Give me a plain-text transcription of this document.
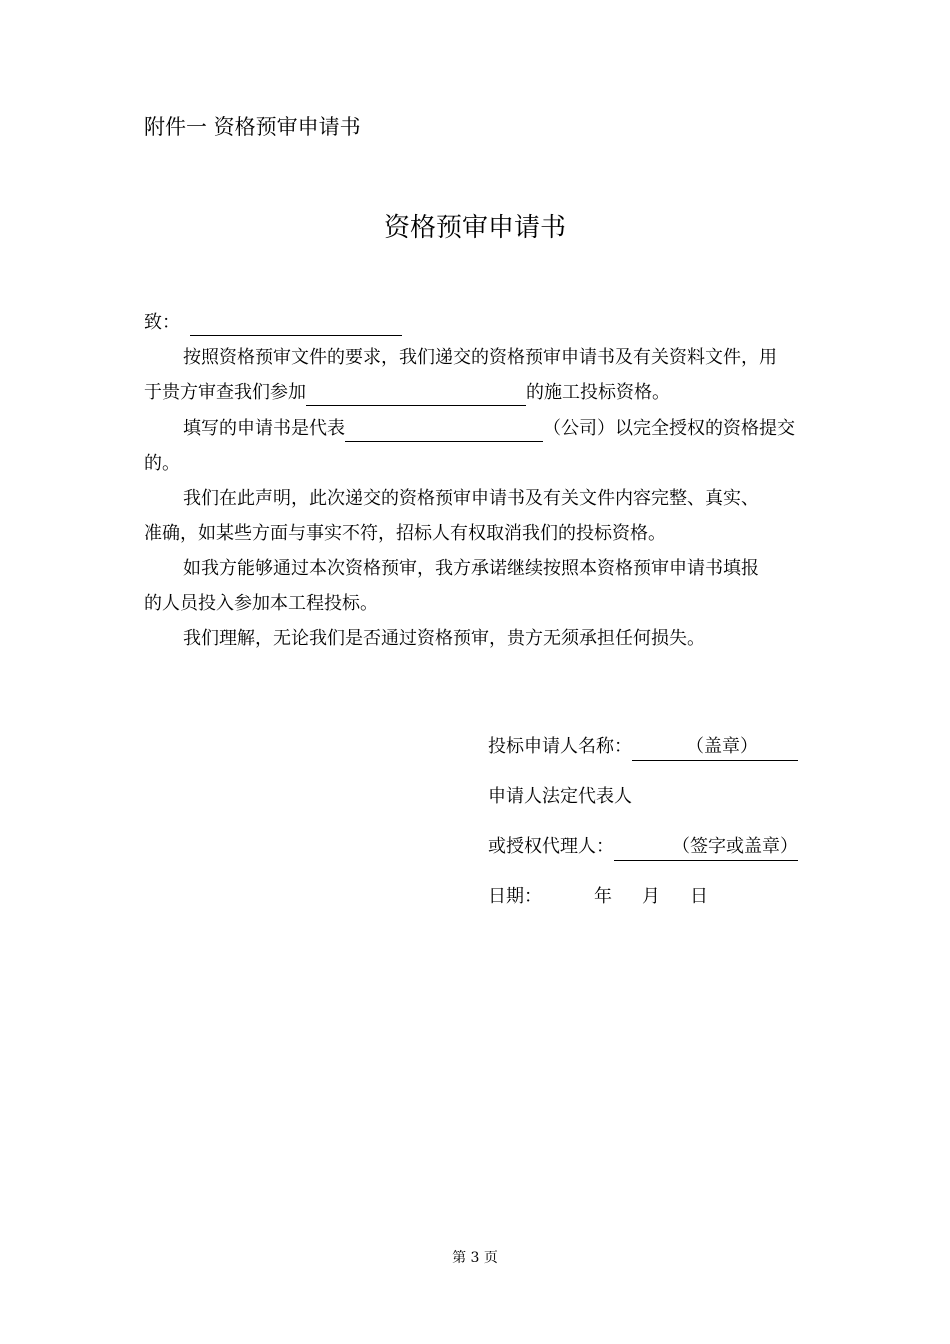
附件一 资格预审申请书
资格预审申请书
致：
按照资格预审文件的要求，我们递交的资格预审申请书及有关资料文件，用
于贵方审查我们参加	的施工投标资格。
填写的申请书是代表	（公司）以完全授权的资格提交
的。
我们在此声明，此次递交的资格预审申请书及有关文件内容完整、真实、
准确，如某些方面与事实不符，招标人有权取消我们的投标资格。
如我方能够通过本次资格预审，我方承诺继续按照本资格预审申请书填报
的人员投入参加本工程投标。
我们理解，无论我们是否通过资格预审，贵方无须承担任何损失。
投标申请人名称：	（盖章）
申请人法定代表人
或授权代理人：	（签字或盖章）
日期：	年 月 日
第 3 页
